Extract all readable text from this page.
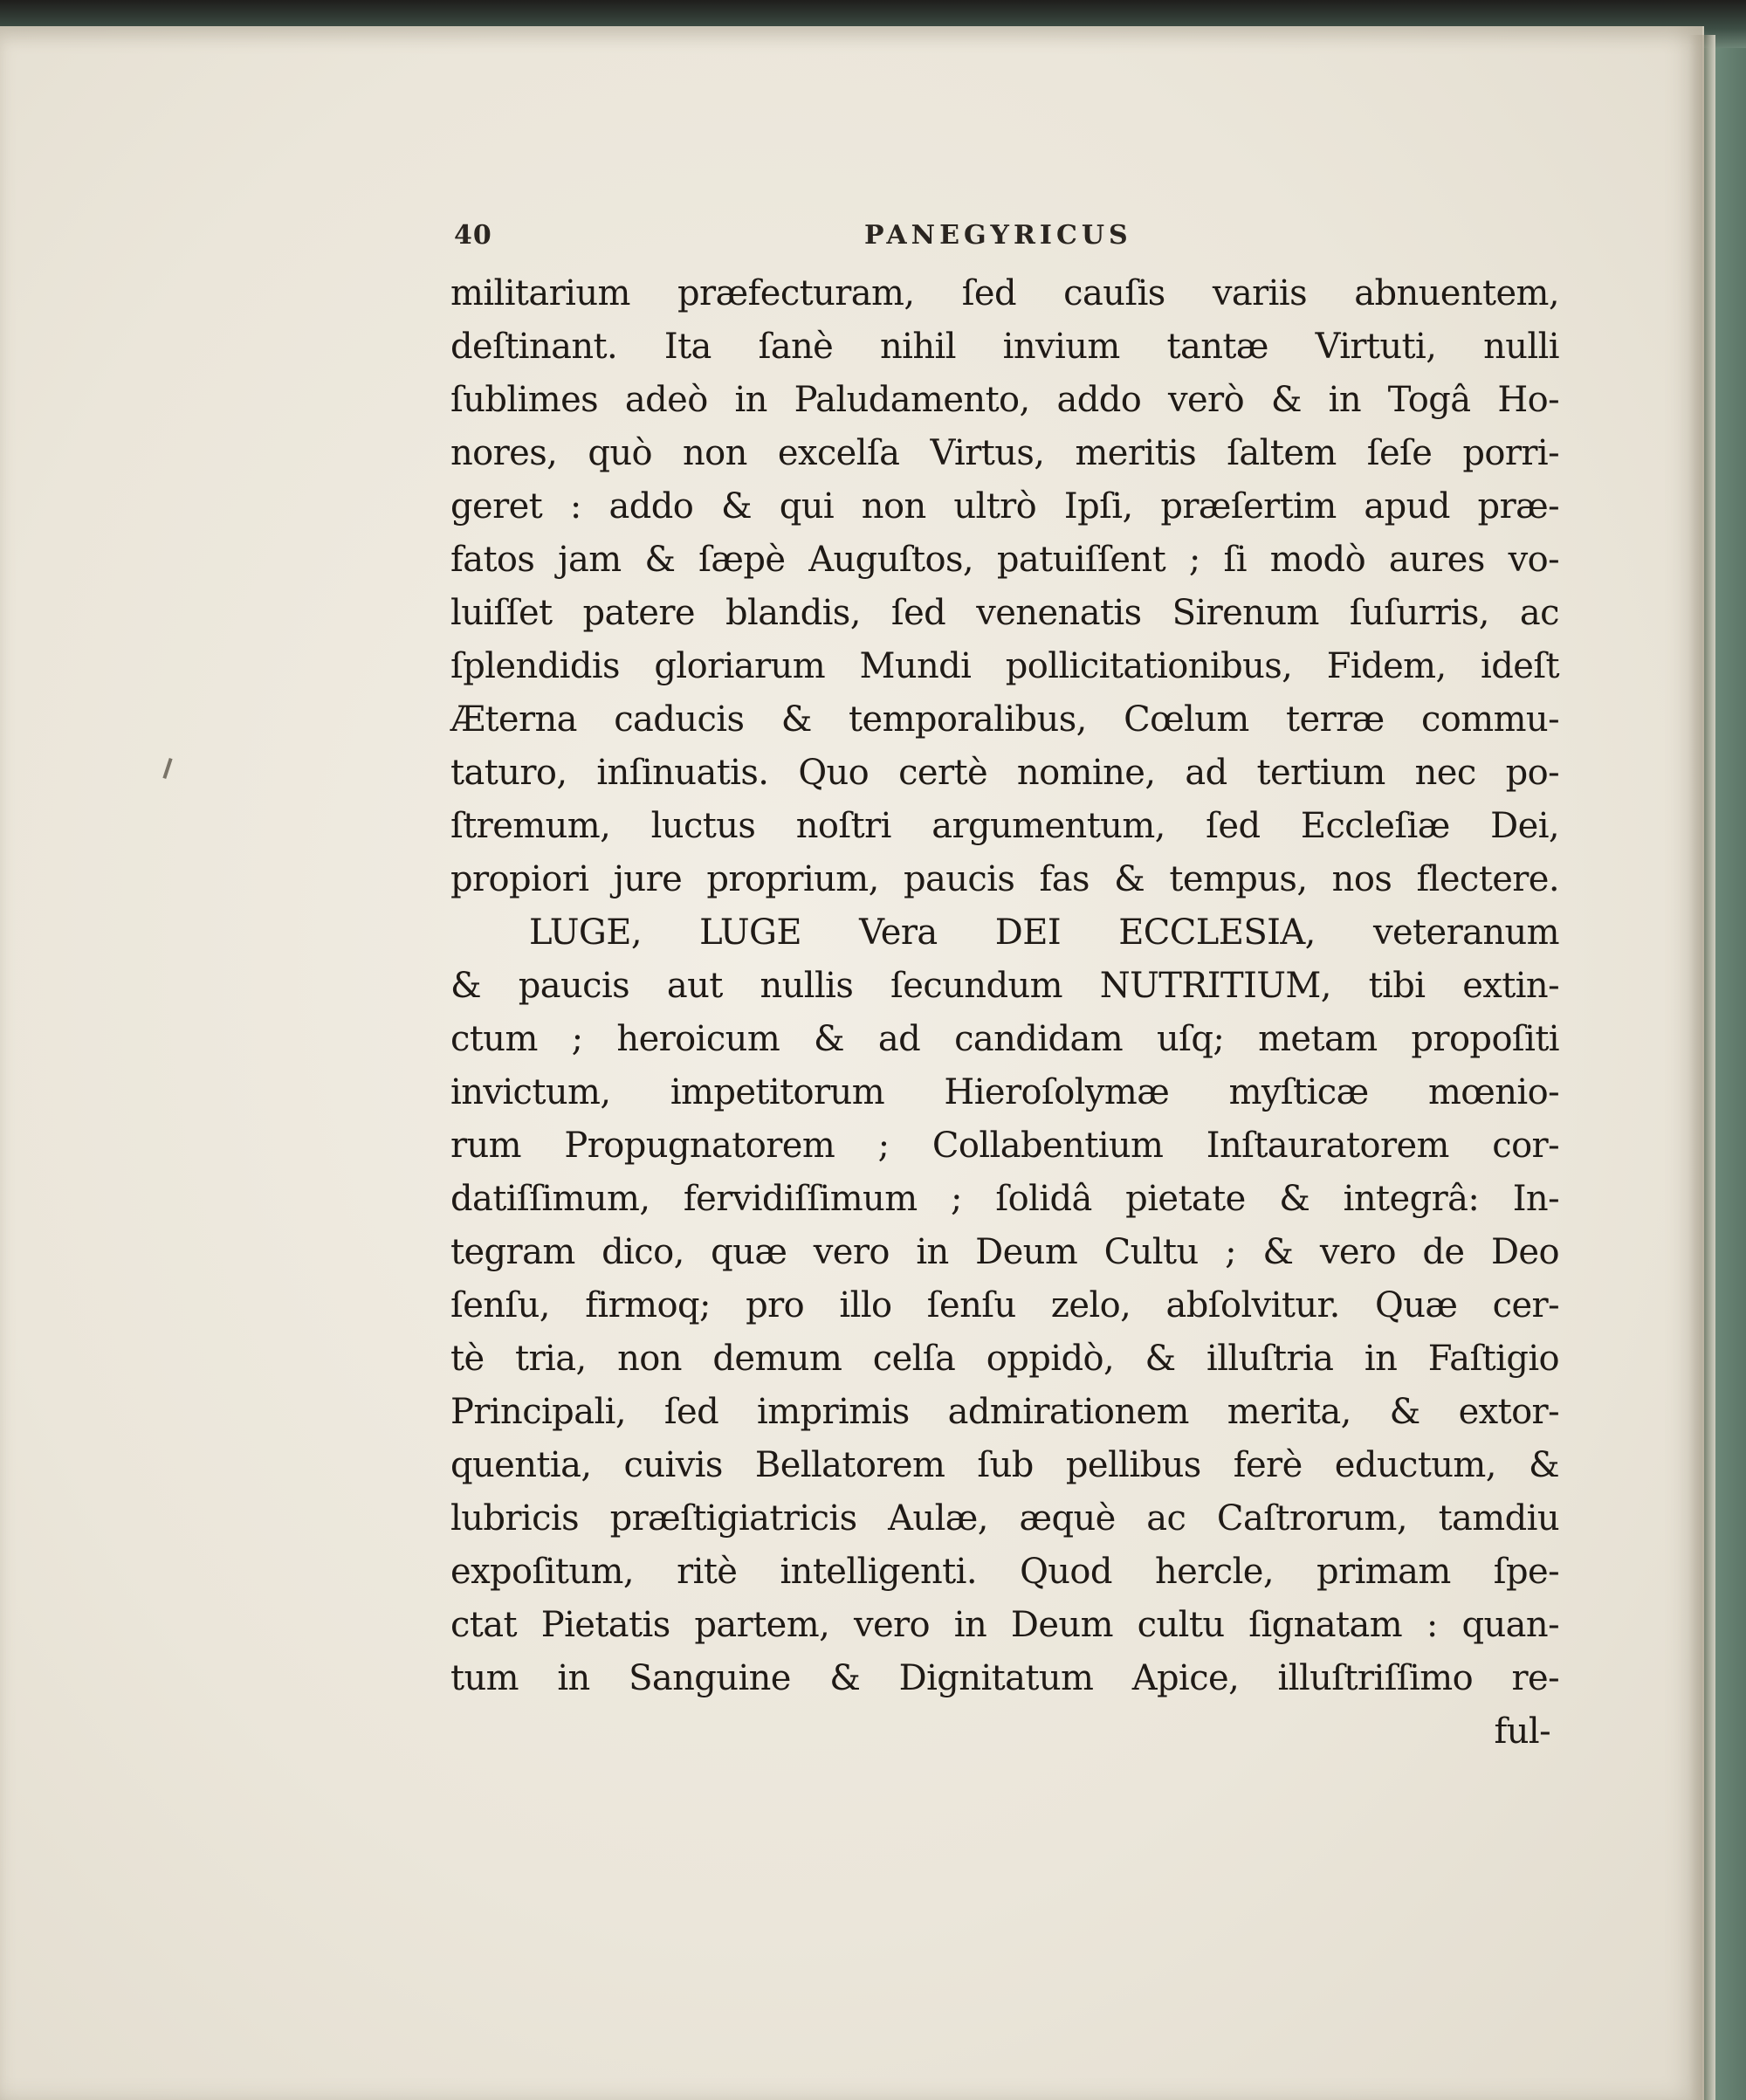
40	PANEGYRICUS
militarium præfecturam, ſed cauſis variis abnuentem,
deſtinant. Ita ſanè nihil invium tantæ Virtuti, nulli
ſublimes adeò in Paludamento, addo verò & in Togâ Ho-
nores, quò non excelſa Virtus, meritis ſaltem ſeſe porri-
geret : addo & qui non ultrò Ipſi, præſertim apud præ-
fatos jam & ſæpè Auguſtos, patuiſſent ; ſi modò aures vo-
luiſſet patere blandis, ſed venenatis Sirenum ſuſurris, ac
ſplendidis gloriarum Mundi pollicitationibus, Fidem, ideſt
Æterna caducis & temporalibus, Cœlum terræ commu-
taturo, inſinuatis. Quo certè nomine, ad tertium nec po-
ſtremum, luctus noſtri argumentum, ſed Eccleſiæ Dei,
propiori jure proprium, paucis fas & tempus, nos flectere.
LUGE, LUGE Vera DEI ECCLESIA, veteranum
& paucis aut nullis ſecundum NUTRITIUM, tibi extin-
ctum ; heroicum & ad candidam uſq; metam propoſiti
invictum, impetitorum Hieroſolymæ myſticæ mœnio-
rum Propugnatorem ; Collabentium Inſtauratorem cor-
datiſſimum, fervidiſſimum ; ſolidâ pietate & integrâ: In-
tegram dico, quæ vero in Deum Cultu ; & vero de Deo
ſenſu, firmoq; pro illo ſenſu zelo, abſolvitur. Quæ cer-
tè tria, non demum celſa oppidò, & illuſtria in Faſtigio
Principali, ſed imprimis admirationem merita, & extor-
quentia, cuivis Bellatorem ſub pellibus ferè eductum, &
lubricis præſtigiatricis Aulæ, æquè ac Caſtrorum, tamdiu
expoſitum, ritè intelligenti. Quod hercle, primam ſpe-
ctat Pietatis partem, vero in Deum cultu ſignatam : quan-
tum in Sanguine & Dignitatum Apice, illuſtriſſimo re-
ful-
